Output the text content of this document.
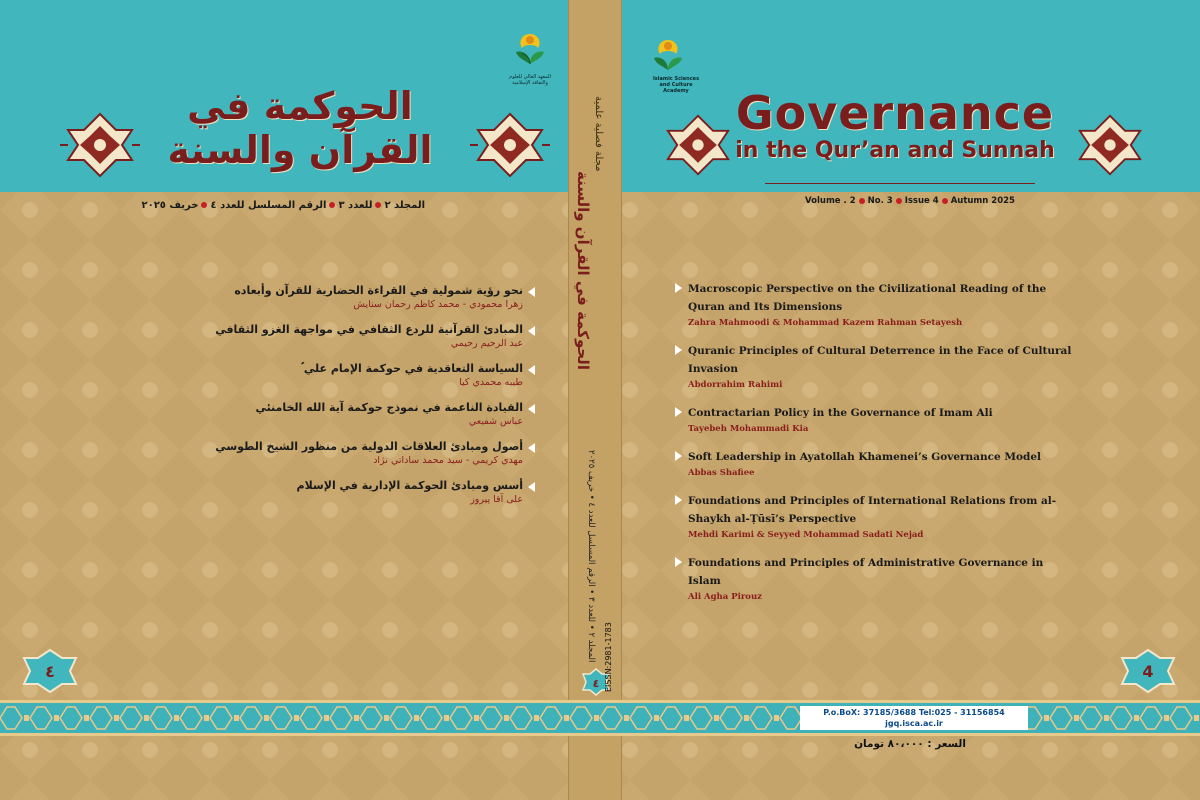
المعهد العالي للعلوم والثقافة الإسلامية
الحوكمة في القرآن والسنة
المجلد ٢للعدد ٣الرقم المسلسل للعدد ٤خريف ٢٠٢٥
نحو رؤية شمولية في القراءة الحضارية للقرآن وأبعاده
زهرا محمودي - محمد كاظم رحمان ستايش
المبادئ القرآنية للردع الثقافي في مواجهة الغزو الثقافي
عبد الرحيم رحيمي
السياسة التعاقدية في حوكمة الإمام علي ؑ
طيبه محمدي كيا
القيادة الناعمة في نموذج حوكمة آية الله الخامنئي
عباس شفيعي
أصول ومبادئ العلاقات الدولية من منظور الشيخ الطوسي
مهدي كريمي - سيد محمد ساداتي نژاد
أسس ومبادئ الحوكمة الإدارية في الإسلام
علی آقا پیروز
٤
مجلة فصلية علمية
الحوكمة في القرآن والسنة
المجلد ٢ • للعدد ٣ • الرقم المسلسل للعدد ٤ • خريف ٢٠٢٥
٤ EISSN:2981-1783
Islamic Sciences
and Culture Academy	Governance
in the Qur’an and Sunnah
Volume . 2 No. 3 Issue 4 Autumn 2025
Macroscopic Perspective on the Civilizational Reading of the Quran and Its Dimensions
Zahra Mahmoodi & Mohammad Kazem Rahman Setayesh
Quranic Principles of Cultural Deterrence in the Face of Cultural Invasion
Abdorrahim Rahimi
Contractarian Policy in the Governance of Imam Ali
Tayebeh Mohammadi Kia
Soft Leadership in Ayatollah Khamenei’s Governance Model
Abbas Shafiee
Foundations and Principles of International Relations from al-Shaykh al-Ṭūsī’s Perspective
Mehdi Karimi & Seyyed Mohammad Sadati Nejad
Foundations and Principles of Administrative Governance in Islam
Ali Agha Pirouz
4
P.o.BoX: 37185/3688 Tel:025 - 31156854
jgq.isca.ac.ir
السعر : ٨٠،٠٠٠ تومان
